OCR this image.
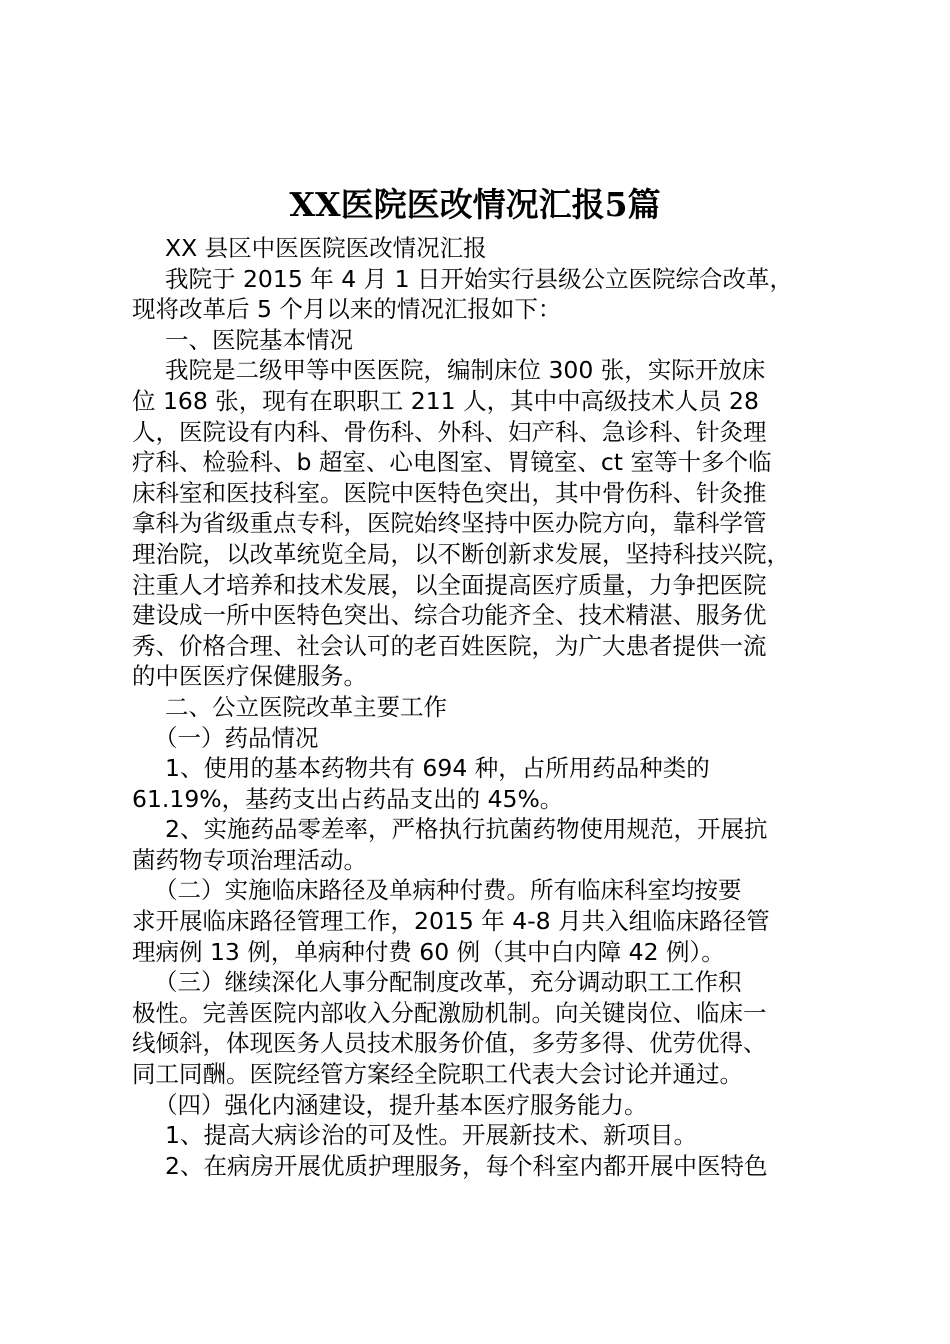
XX医院医改情况汇报5篇

XX 县区中医医院医改情况汇报

我院于 2015 年 4 月 1 日开始实行县级公立医院综合改革，

现将改革后 5 个月以来的情况汇报如下：

一、医院基本情况

我院是二级甲等中医医院，编制床位 300 张，实际开放床

位 168 张，现有在职职工 211 人，其中中高级技术人员 28

人，医院设有内科、骨伤科、外科、妇产科、急诊科、针灸理

疗科、检验科、b 超室、心电图室、胃镜室、ct 室等十多个临

床科室和医技科室。医院中医特色突出，其中骨伤科、针灸推

拿科为省级重点专科，医院始终坚持中医办院方向，靠科学管

理治院，以改革统览全局，以不断创新求发展，坚持科技兴院，

注重人才培养和技术发展，以全面提高医疗质量，力争把医院

建设成一所中医特色突出、综合功能齐全、技术精湛、服务优

秀、价格合理、社会认可的老百姓医院，为广大患者提供一流

的中医医疗保健服务。

二、公立医院改革主要工作

（一）药品情况

1、使用的基本药物共有 694 种，占所用药品种类的

61.19%，基药支出占药品支出的 45%。

2、实施药品零差率，严格执行抗菌药物使用规范，开展抗

菌药物专项治理活动。

（二）实施临床路径及单病种付费。所有临床科室均按要

求开展临床路径管理工作，2015 年 4-8 月共入组临床路径管

理病例 13 例，单病种付费 60 例（其中白内障 42 例）。

（三）继续深化人事分配制度改革，充分调动职工工作积

极性。完善医院内部收入分配激励机制。向关键岗位、临床一

线倾斜，体现医务人员技术服务价值，多劳多得、优劳优得、

同工同酬。医院经管方案经全院职工代表大会讨论并通过。

（四）强化内涵建设，提升基本医疗服务能力。

1、提高大病诊治的可及性。开展新技术、新项目。

2、在病房开展优质护理服务，每个科室内都开展中医特色
